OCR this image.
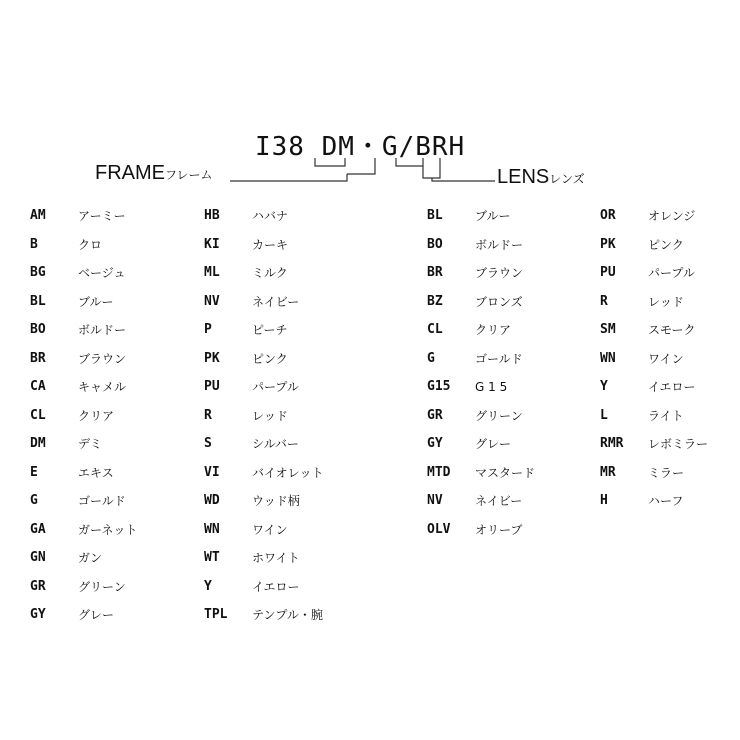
I38 DM・G/BRH
FRAMEフレーム	LENSレンズ
AM	アーミー
B	クロ
BG	ベージュ
BL	ブルー
BO	ボルドー
BR	ブラウン
CA	キャメル
CL	クリア
DM	デミ
E	エキス
G	ゴールド
GA	ガーネット
GN	ガン
GR	グリーン
GY	グレー
HB	ハバナ
KI	カーキ
ML	ミルク
NV	ネイビー
P	ピーチ
PK	ピンク
PU	パープル
R	レッド
S	シルバー
VI	バイオレット
WD	ウッド柄
WN	ワイン
WT	ホワイト
Y	イエロー
TPL テンプル・腕
BL	ブルー
BO	ボルドー
BR	ブラウン
BZ	ブロンズ
CL	クリア
G	ゴールド
G15 G 1 5
GR	グリーン
GY	グレー
MTD マスタード
NV	ネイビー
OLV オリーブ
OR	オレンジ
PK	ピンク
PU	パープル
R	レッド
SM	スモーク
WN	ワイン
Y	イエロー
L	ライト
RMR レボミラー
MR	ミラー
H	ハーフ
